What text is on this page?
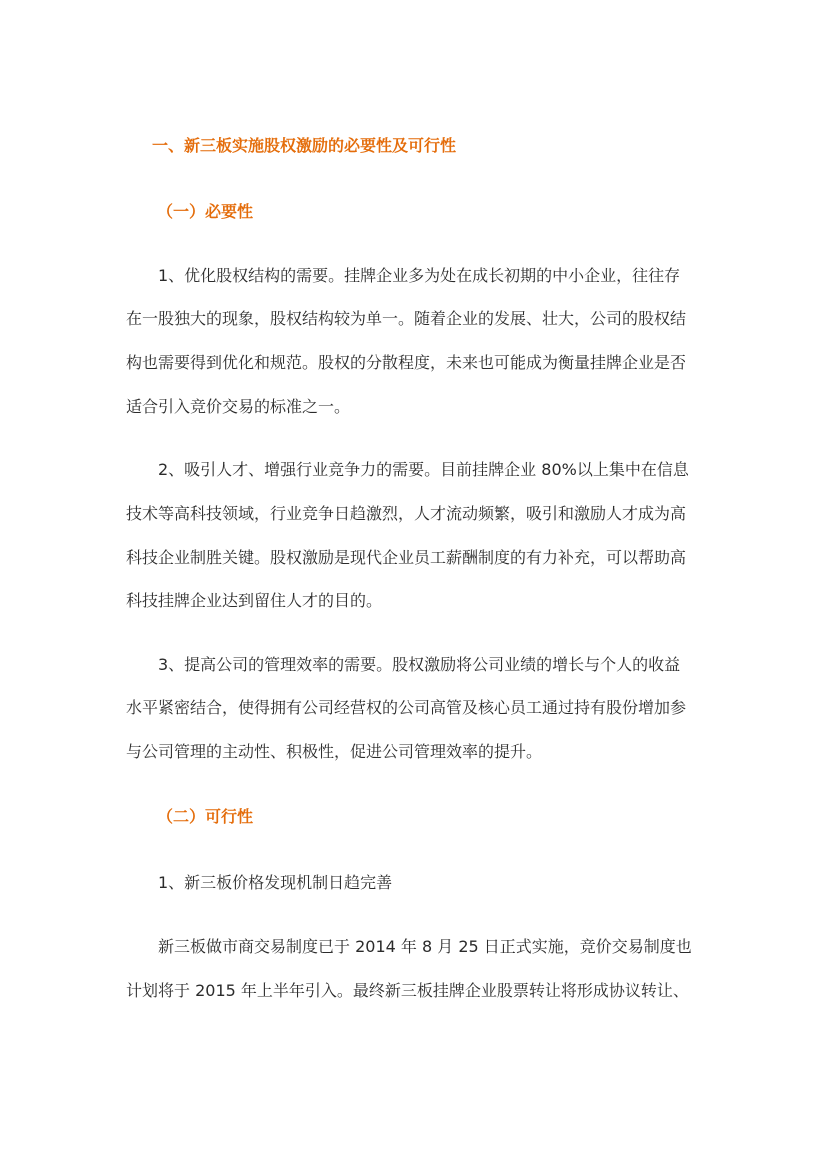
一、新三板实施股权激励的必要性及可行性

（一）必要性

1、优化股权结构的需要。挂牌企业多为处在成长初期的中小企业，往往存

在一股独大的现象，股权结构较为单一。随着企业的发展、壮大，公司的股权结

构也需要得到优化和规范。股权的分散程度，未来也可能成为衡量挂牌企业是否

适合引入竞价交易的标准之一。

2、吸引人才、增强行业竞争力的需要。目前挂牌企业 80%以上集中在信息

技术等高科技领域，行业竞争日趋激烈，人才流动频繁，吸引和激励人才成为高

科技企业制胜关键。股权激励是现代企业员工薪酬制度的有力补充，可以帮助高

科技挂牌企业达到留住人才的目的。

3、提高公司的管理效率的需要。股权激励将公司业绩的增长与个人的收益

水平紧密结合，使得拥有公司经营权的公司高管及核心员工通过持有股份增加参

与公司管理的主动性、积极性，促进公司管理效率的提升。

（二）可行性

1、新三板价格发现机制日趋完善

新三板做市商交易制度已于 2014 年 8 月 25 日正式实施，竞价交易制度也

计划将于 2015 年上半年引入。最终新三板挂牌企业股票转让将形成协议转让、
